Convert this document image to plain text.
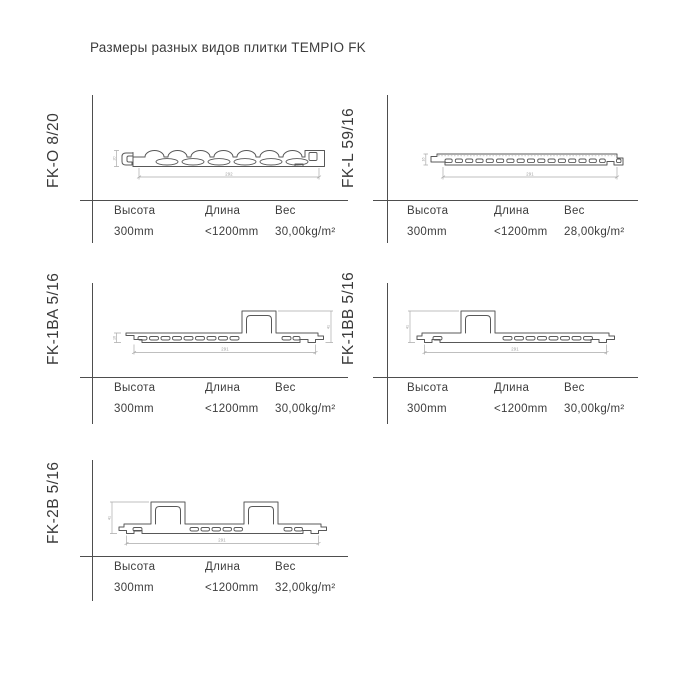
Размеры разных видов плитки TEMPIO FK
FK-O 8/20	292
20
Высота	Длина	Вес
300mm	<1200mm	30,00kg/m²
FK-L 59/16	291
16
Высота	Длина	Вес
300mm	<1200mm	28,00kg/m²
FK-1BA 5/16	291
16
41
Высота	Длина	Вес
300mm	<1200mm	30,00kg/m²
FK-1BB 5/16	41
291
Высота	Длина	Вес
300mm	<1200mm	30,00kg/m²
FK-2B 5/16	41
291
Высота	Длина	Вес
300mm	<1200mm	32,00kg/m²
